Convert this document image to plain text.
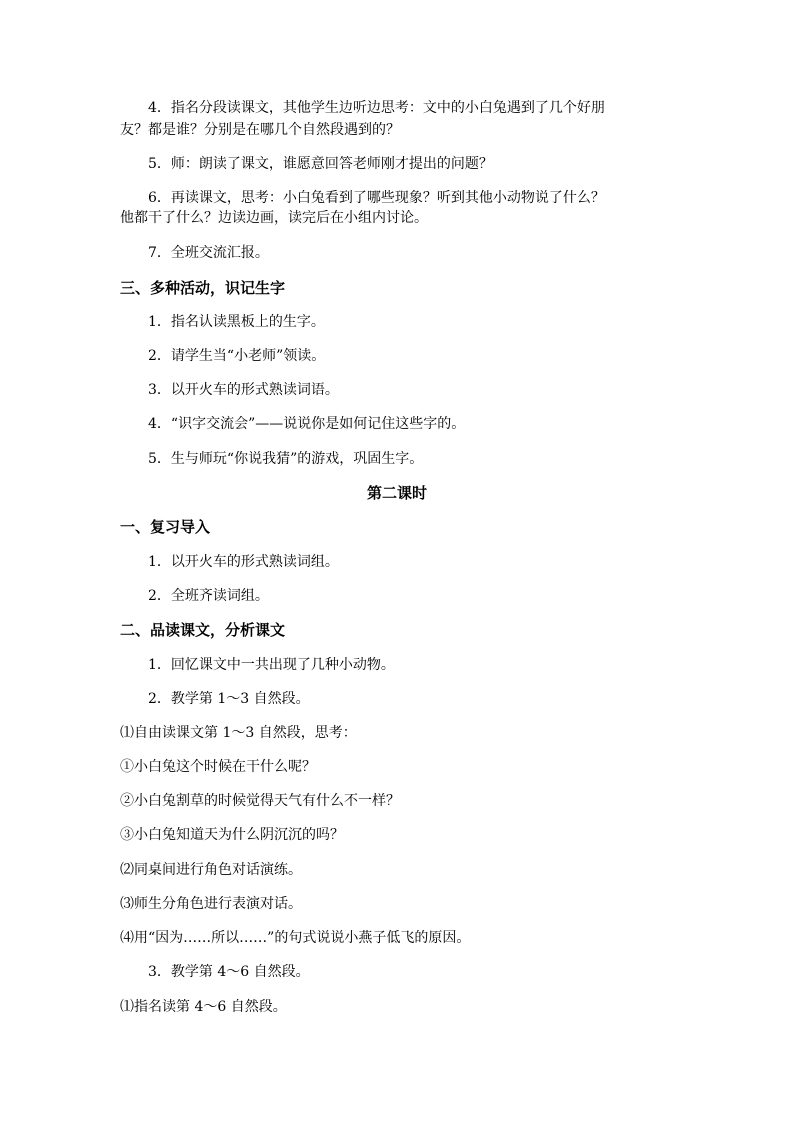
4．指名分段读课文，其他学生边听边思考：文中的小白兔遇到了几个好朋
友？都是谁？分别是在哪几个自然段遇到的？
5．师：朗读了课文，谁愿意回答老师刚才提出的问题？
6．再读课文，思考：小白兔看到了哪些现象？听到其他小动物说了什么？
他都干了什么？边读边画，读完后在小组内讨论。
7．全班交流汇报。
三、多种活动，识记生字
1．指名认读黑板上的生字。
2．请学生当“小老师”领读。
3．以开火车的形式熟读词语。
4．“识字交流会”——说说你是如何记住这些字的。
5．生与师玩“你说我猜”的游戏，巩固生字。
第二课时
一、复习导入
1．以开火车的形式熟读词组。
2．全班齐读词组。
二、品读课文，分析课文
1．回忆课文中一共出现了几种小动物。
2．教学第 1～3 自然段。
⑴自由读课文第 1～3 自然段，思考：
①小白兔这个时候在干什么呢？
②小白兔割草的时候觉得天气有什么不一样？
③小白兔知道天为什么阴沉沉的吗？
⑵同桌间进行角色对话演练。
⑶师生分角色进行表演对话。
⑷用“因为……所以……”的句式说说小燕子低飞的原因。
3．教学第 4～6 自然段。
⑴指名读第 4～6 自然段。
